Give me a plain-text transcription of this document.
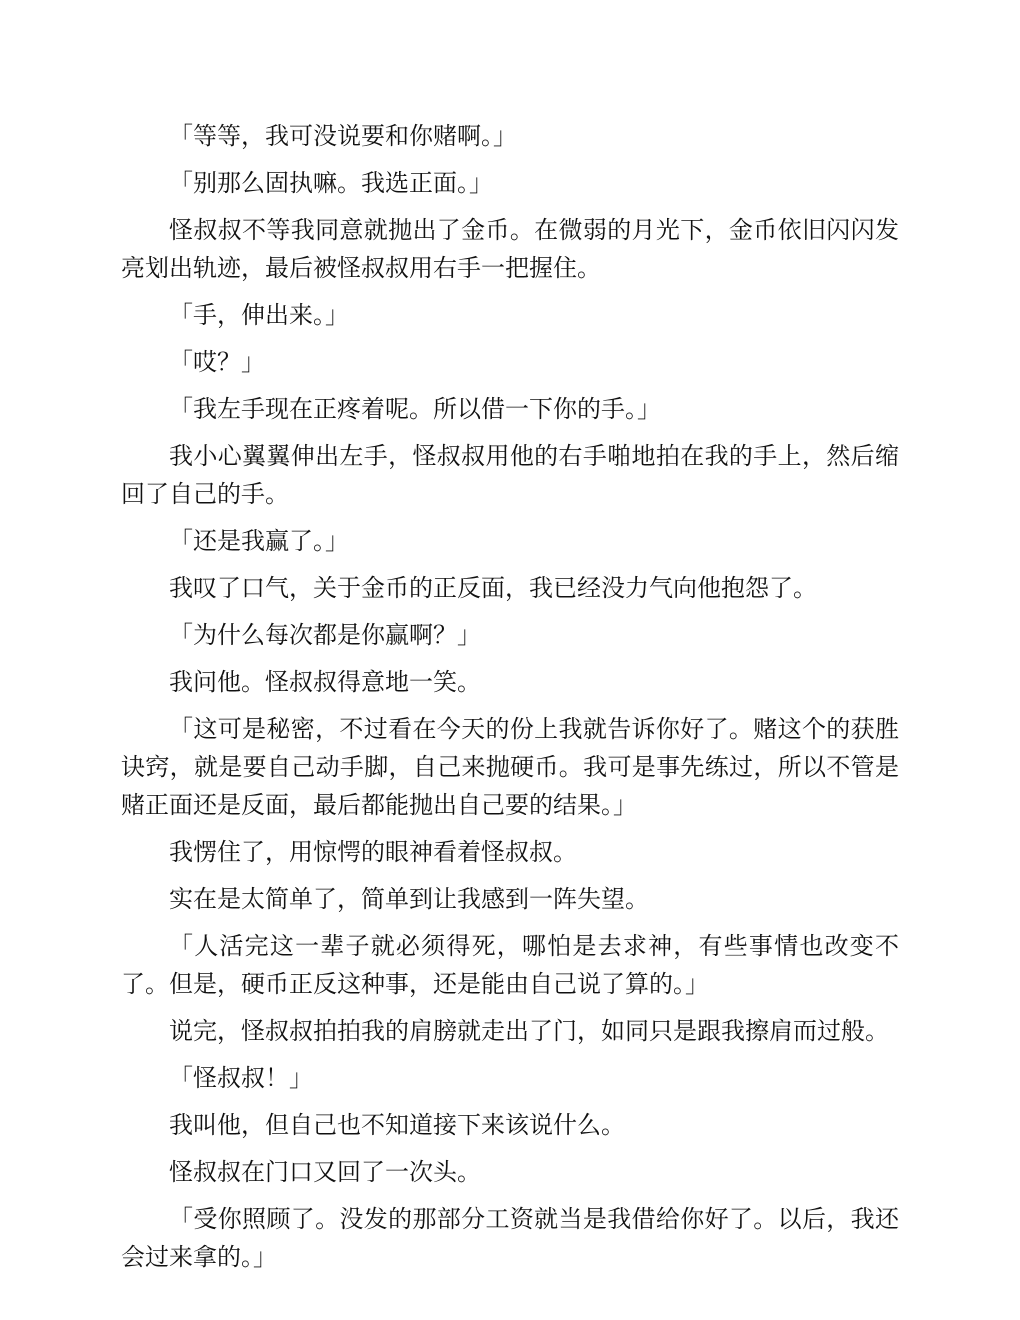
「等等，我可没说要和你赌啊。」

「别那么固执嘛。我选正面。」

怪叔叔不等我同意就抛出了金币。在微弱的月光下，金币依旧闪闪发亮划出轨迹，最后被怪叔叔用右手一把握住。

「手，伸出来。」

「哎？」

「我左手现在正疼着呢。所以借一下你的手。」

我小心翼翼伸出左手，怪叔叔用他的右手啪地拍在我的手上，然后缩回了自己的手。

「还是我赢了。」

我叹了口气，关于金币的正反面，我已经没力气向他抱怨了。

「为什么每次都是你赢啊？」

我问他。怪叔叔得意地一笑。

「这可是秘密，不过看在今天的份上我就告诉你好了。赌这个的获胜诀窍，就是要自己动手脚，自己来抛硬币。我可是事先练过，所以不管是赌正面还是反面，最后都能抛出自己要的结果。」

我愣住了，用惊愕的眼神看着怪叔叔。

实在是太简单了，简单到让我感到一阵失望。

「人活完这一辈子就必须得死，哪怕是去求神，有些事情也改变不了。但是，硬币正反这种事，还是能由自己说了算的。」

说完，怪叔叔拍拍我的肩膀就走出了门，如同只是跟我擦肩而过般。

「怪叔叔！」

我叫他，但自己也不知道接下来该说什么。

怪叔叔在门口又回了一次头。

「受你照顾了。没发的那部分工资就当是我借给你好了。以后，我还会过来拿的。」
